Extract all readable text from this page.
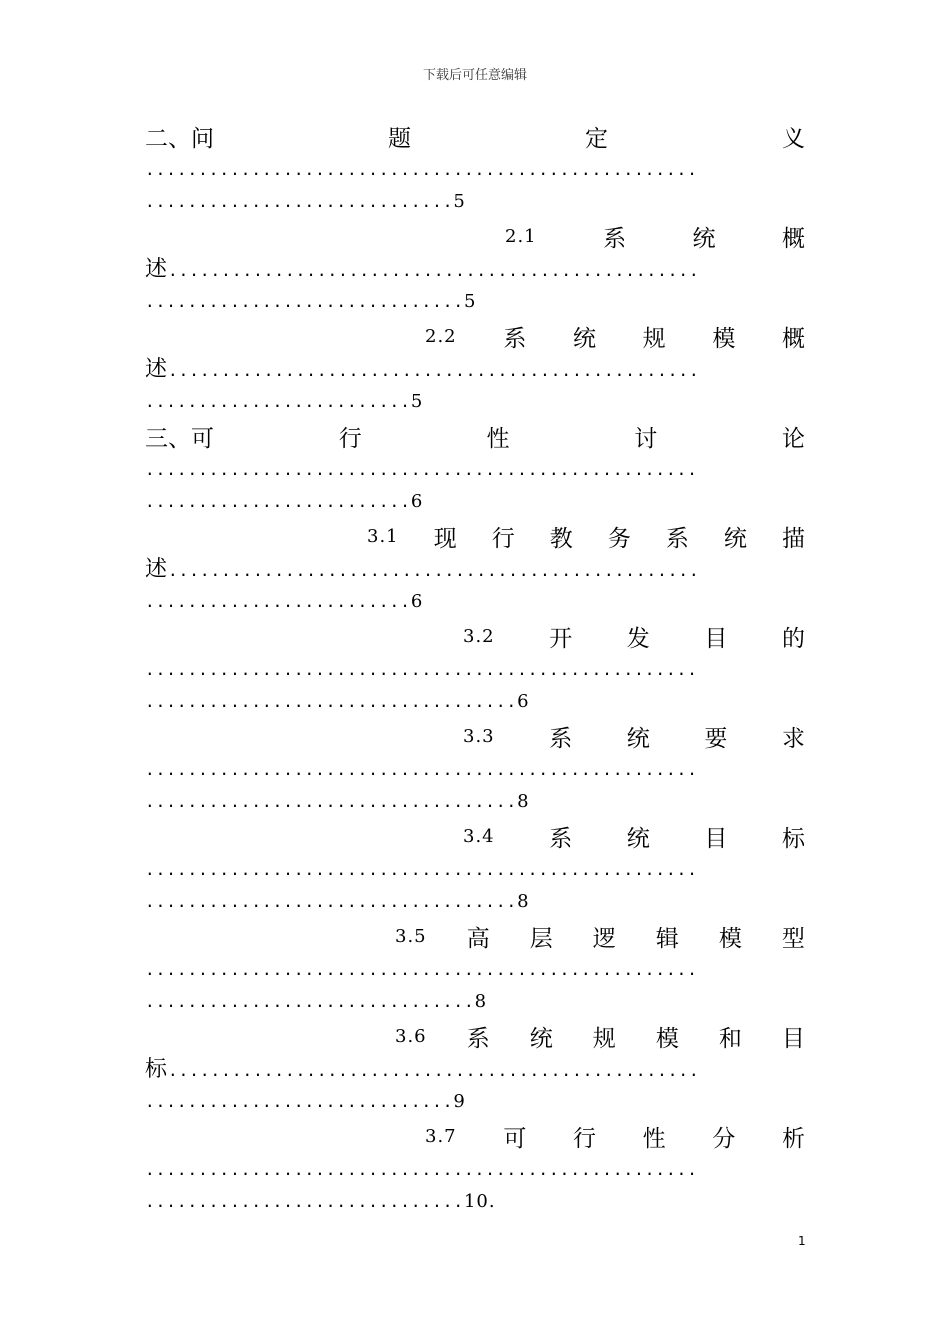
下载后可任意编辑
二、问	题	定	义
....................................................
.............................5
2.1	系	统	概
述..................................................
..............................5
2.2 系 统 规 模 概
述..................................................
.........................5
三、可	行	性	讨	论
....................................................
.........................6
3.1 现 行 教 务 系 统 描
述..................................................
.........................6
3.2 开 发 目 的
....................................................
...................................6
3.3 系 统 要 求
....................................................
...................................8
3.4 系 统 目 标
....................................................
...................................8
3.5 高 层 逻 辑 模 型
....................................................
...............................8
3.6 系 统 规 模 和 目
标..................................................
.............................9
3.7 可 行 性 分 析
....................................................
..............................10.
1
